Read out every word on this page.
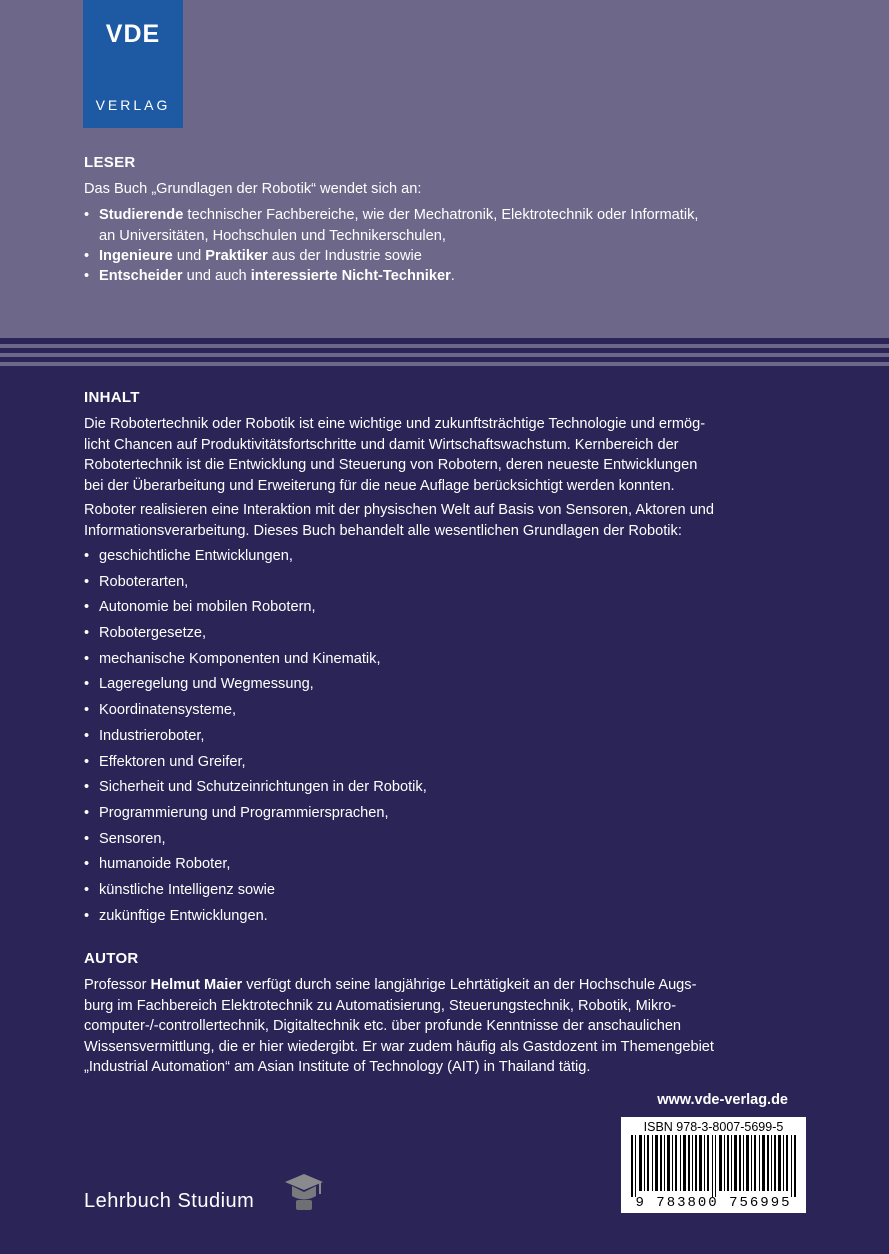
VDE
VERLAG
LESER
Das Buch „Grundlagen der Robotik“ wendet sich an:
• Studierende technischer Fachbereiche, wie der Mechatronik, Elektrotechnik oder Informatik,
an Universitäten, Hochschulen und Technikerschulen,
• Ingenieure und Praktiker aus der Industrie sowie
• Entscheider und auch interessierte Nicht-Techniker.
INHALT
Die Robotertechnik oder Robotik ist eine wichtige und zukunftsträchtige Technologie und ermög-
licht Chancen auf Produktivitätsfortschritte und damit Wirtschaftswachstum. Kernbereich der
Robotertechnik ist die Entwicklung und Steuerung von Robotern, deren neueste Entwicklungen
bei der Überarbeitung und Erweiterung für die neue Auflage berücksichtigt werden konnten.
Roboter realisieren eine Interaktion mit der physischen Welt auf Basis von Sensoren, Aktoren und
Informationsverarbeitung. Dieses Buch behandelt alle wesentlichen Grundlagen der Robotik:
• geschichtliche Entwicklungen,
• Roboterarten,
• Autonomie bei mobilen Robotern,
• Robotergesetze,
• mechanische Komponenten und Kinematik,
• Lageregelung und Wegmessung,
• Koordinatensysteme,
• Industrieroboter,
• Effektoren und Greifer,
• Sicherheit und Schutzeinrichtungen in der Robotik,
• Programmierung und Programmiersprachen,
• Sensoren,
• humanoide Roboter,
• künstliche Intelligenz sowie
• zukünftige Entwicklungen.
AUTOR
Professor Helmut Maier verfügt durch seine langjährige Lehrtätigkeit an der Hochschule Augs-
burg im Fachbereich Elektrotechnik zu Automatisierung, Steuerungstechnik, Robotik, Mikro-
computer-/-controllertechnik, Digitaltechnik etc. über profunde Kenntnisse der anschaulichen
Wissensvermittlung, die er hier wiedergibt. Er war zudem häufig als Gastdozent im Themengebiet
„Industrial Automation“ am Asian Institute of Technology (AIT) in Thailand tätig.
www.vde-verlag.de
ISBN 978-3-8007-5699-5
9 783800 756995
Lehrbuch Studium
